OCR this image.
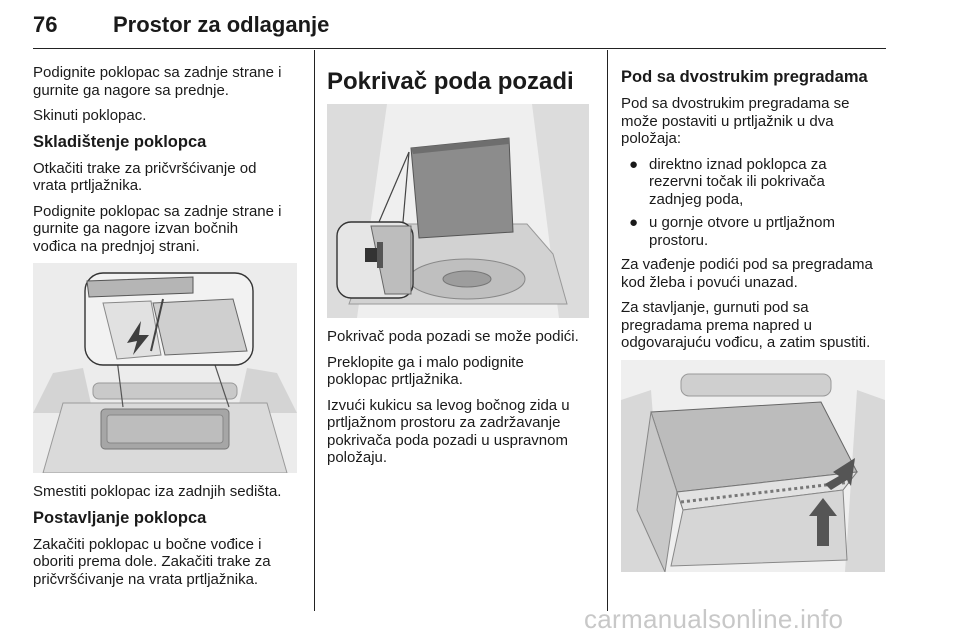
76	Prostor za odlaganje

Podignite poklopac sa zadnje strane i
gurnite ga nagore sa prednje.

Skinuti poklopac.

Skladištenje poklopca

Otkačiti trake za pričvršćivanje od
vrata prtljažnika.

Podignite poklopac sa zadnje strane i
gurnite ga nagore izvan bočnih
vođica na prednjoj strani.

Smestiti poklopac iza zadnjih sedišta.

Postavljanje poklopca

Zakačiti poklopac u bočne vođice i
oboriti prema dole. Zakačiti trake za
pričvršćivanje na vrata prtljažnika.

Pokrivač poda pozadi

Pokrivač poda pozadi se može podići.

Preklopite ga i malo podignite
poklopac prtljažnika.

Izvući kukicu sa levog bočnog zida u
prtljažnom prostoru za zadržavanje
pokrivača poda pozadi u uspravnom
položaju.

Pod sa dvostrukim pregradama

Pod sa dvostrukim pregradama se
može postaviti u prtljažnik u dva
položaja:

● direktno iznad poklopca za
rezervni točak ili pokrivača
zadnjeg poda,
● u gornje otvore u prtljažnom
prostoru.

Za vađenje podići pod sa pregradama
kod žleba i povući unazad.

Za stavljanje, gurnuti pod sa
pregradama prema napred u
odgovarajuću vođicu, a zatim spustiti.

carmanualsonline.info
